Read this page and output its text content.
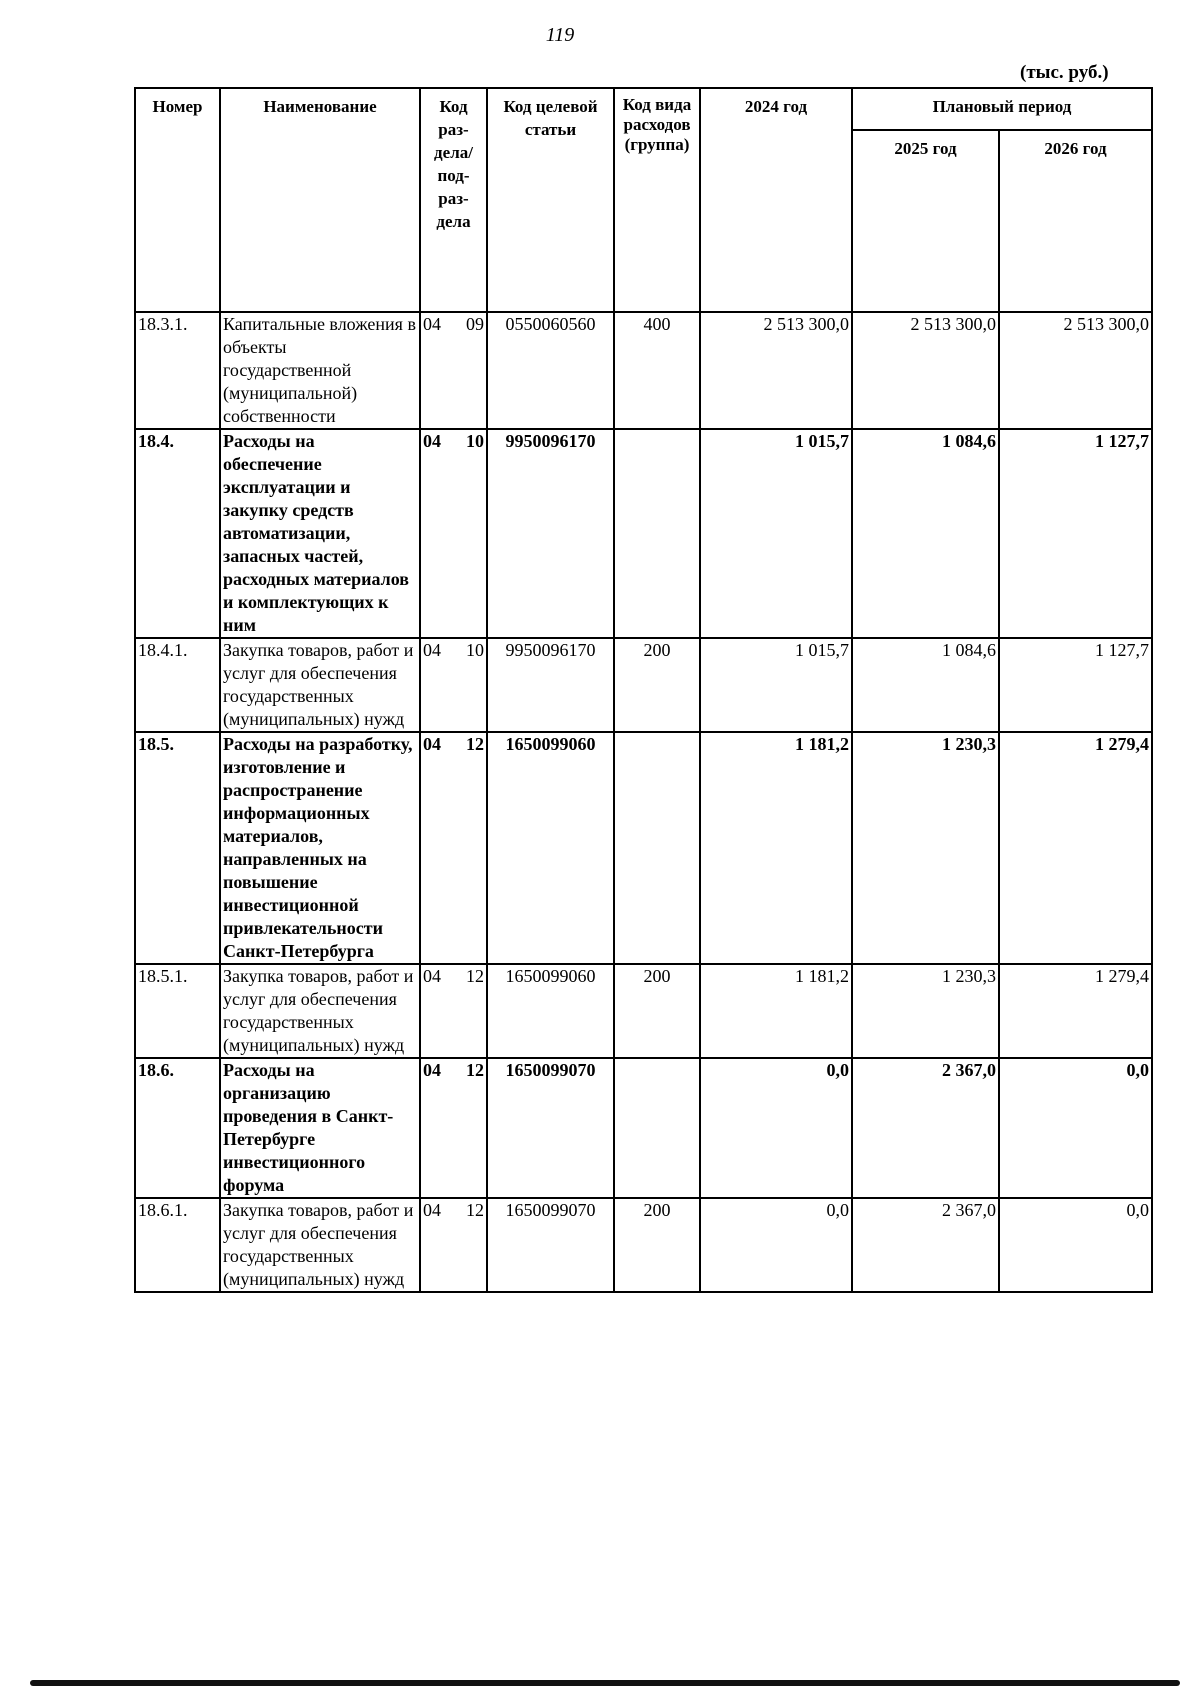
119
(тыс. руб.)
Номер	Наименование	Код раз-дела/ под-раз-дела	Код целевой статьи	Код вида расходов (группа)	2024 год	Плановый период	
						2025 год	2026 год
18.3.1.	Капитальные вложения в объекты государственной (муниципальной) собственности	04 09	0550060560	400	2 513 300,0	2 513 300,0	2 513 300,0
18.4.	Расходы на обеспечение эксплуатации и закупку средств автоматизации, запасных частей, расходных материалов и комплектующих к ним	04 10	9950096170		1 015,7	1 084,6	1 127,7
18.4.1.	Закупка товаров, работ и услуг для обеспечения государственных (муниципальных) нужд	04 10	9950096170	200	1 015,7	1 084,6	1 127,7
18.5.	Расходы на разработку, изготовление и распространение информационных материалов, направленных на повышение инвестиционной привлекательности Санкт-Петербурга	04 12	1650099060		1 181,2	1 230,3	1 279,4
18.5.1.	Закупка товаров, работ и услуг для обеспечения государственных (муниципальных) нужд	04 12	1650099060	200	1 181,2	1 230,3	1 279,4
18.6.	Расходы на организацию проведения в Санкт-Петербурге инвестиционного форума	04 12	1650099070		0,0	2 367,0	0,0
18.6.1.	Закупка товаров, работ и услуг для обеспечения государственных (муниципальных) нужд	04 12	1650099070	200	0,0	2 367,0	0,0
